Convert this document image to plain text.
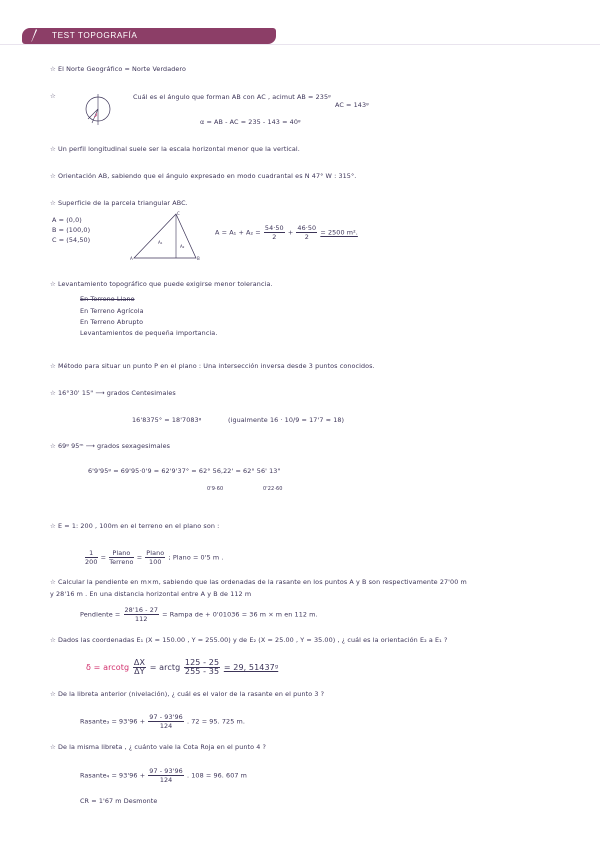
TEST TOPOGRAFÍA
☆ El Norte Geográfico = Norte Verdadero
☆	Cuál es el ángulo que forman AB con AC , acimut AB = 235ᵍ
AC = 143ᵍ
α = AB - AC = 235 - 143 = 40ᵍ
☆ Un perfil longitudinal suele ser la escala horizontal menor que la vertical.
☆ Orientación AB, sabiendo que el ángulo expresado en modo cuadrantal es N 47° W : 315°.
☆ Superficie de la parcela triangular ABC.
A = (0,0)
B = (100,0)
C = (54,50)
A	B
C
A₁
A₂
$A = A_1 + A_2 = \frac{54\cdot 50}{2} + \frac{46\cdot 50}{2} = 2500$ m².
☆ Levantamiento topográfico que puede exigirse menor tolerancia.
En Terreno Llano
En Terreno Agrícola
En Terreno Abrupto
Levantamientos de pequeña importancia.
☆ Método para situar un punto P en el plano : Una intersección inversa desde 3 puntos conocidos.
☆ 16°30' 15" ⟶ grados Centesimales
16'8375° = 18'7083ᵍ	(igualmente 16 · 10/9 = 17'7 ≈ 18)
☆ 69ᵍ 95ᵐ ⟶ grados sexagesimales
6'9'95ᵍ = 69'95·0'9 = 62'9'37° = 62° 56,22' = 62° 56' 13"
0'9·60	0'22·60
☆ E = 1: 200 , 100m en el terreno en el plano son :
$\frac{1}{200} = \frac{\text{Plano}}{\text{Terreno}} = \frac{\text{Plano}}{100}$ ; Plano = 0'5 m .
☆ Calcular la pendiente en m×m, sabiendo que las ordenadas de la rasante en los puntos A y B son respectivamente 27'00 m
y 28'16 m . En una distancia horizontal entre A y B de 112 m
Pendiente = $\frac{28'16 - 27}{112}$ = Rampa de + 0'01036 = 36 m × m en 112 m.
☆ Dados las coordenadas E₁ (X = 150.00 , Y = 255.00) y de E₂ (X = 25.00 , Y = 35.00) , ¿ cuál es la orientación E₂ a E₁ ?
δ = arcotg $\frac{\Delta X}{\Delta Y}$ = arctg $\frac{125 - 25}{255 - 35} = 29$, 51437ᵍ
☆ De la libreta anterior (nivelación), ¿ cuál es el valor de la rasante en el punto 3 ?
Rasante₃ = $93'96 + \frac{97 - 93'96}{124}$ . 72 = 95. 725 m.
☆ De la misma libreta , ¿ cuánto vale la Cota Roja en el punto 4 ?
Rasante₄ = $93'96 + \frac{97 - 93'96}{124}$ . 108 = 96. 607 m
CR = 1'67 m Desmonte
